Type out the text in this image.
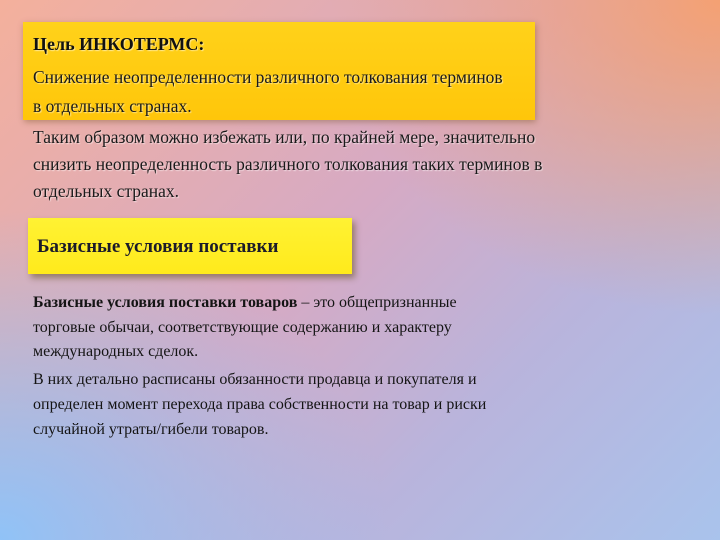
Цель ИНКОТЕРМС:
Снижение неопределенности различного толкования терминов
в отдельных странах.
Таким образом можно избежать или, по крайней мере, значительно
снизить неопределенность различного толкования таких терминов в
отдельных странах.
Базисные условия поставки
Базисные условия поставки товаров – это общепризнанные
торговые обычаи, соответствующие содержанию и характеру
международных сделок.
В них детально расписаны обязанности продавца и покупателя и
определен момент перехода права собственности на товар и риски
случайной утраты/гибели товаров.
